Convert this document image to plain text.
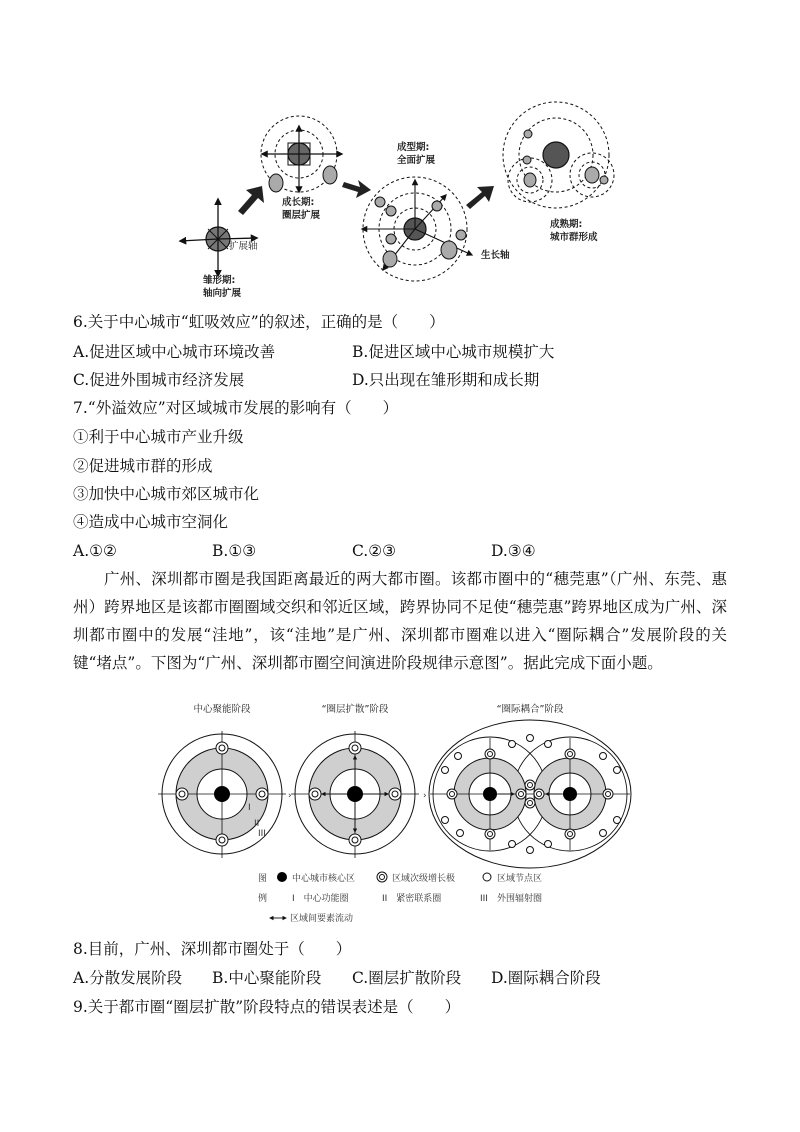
扩展轴
雏形期:
轴向扩展
成长期:
圈层扩展
成型期:
全面扩展
生长轴
成熟期:
城市群形成
6.关于中心城市“虹吸效应”的叙述，正确的是（　　）
A.促进区域中心城市环境改善	B.促进区域中心城市规模扩大
C.促进外围城市经济发展	D.只出现在雏形期和成长期
7.“外溢效应”对区域城市发展的影响有（　　）
①利于中心城市产业升级
②促进城市群的形成
③加快中心城市郊区城市化
④造成中心城市空洞化
A.①②	B.①③	C.②③	D.③④
广州、深圳都市圈是我国距离最近的两大都市圈。该都市圈中的“穗莞惠”（广州、东莞、惠州）跨界地区是该都市圈圈域交织和邻近区域，跨界协同不足使“穗莞惠”跨界地区成为广州、深圳都市圈中的发展“洼地”，该“洼地”是广州、深圳都市圈难以进入“圈际耦合”发展阶段的关键“堵点”。下图为“广州、深圳都市圈空间演进阶段规律示意图”。据此完成下面小题。
中心聚能阶段	“圈层扩散”阶段	“圈际耦合”阶段
I
II
III
›	›
图
例
中心城市核心区	区域次级增长极	区域节点区
I　中心功能圈	II　紧密联系圈	III　外围辐射圈
区域间要素流动
8.目前，广州、深圳都市圈处于（　　）
A.分散发展阶段 B.中心聚能阶段 C.圈层扩散阶段 D.圈际耦合阶段
9.关于都市圈“圈层扩散”阶段特点的错误表述是（　　）
